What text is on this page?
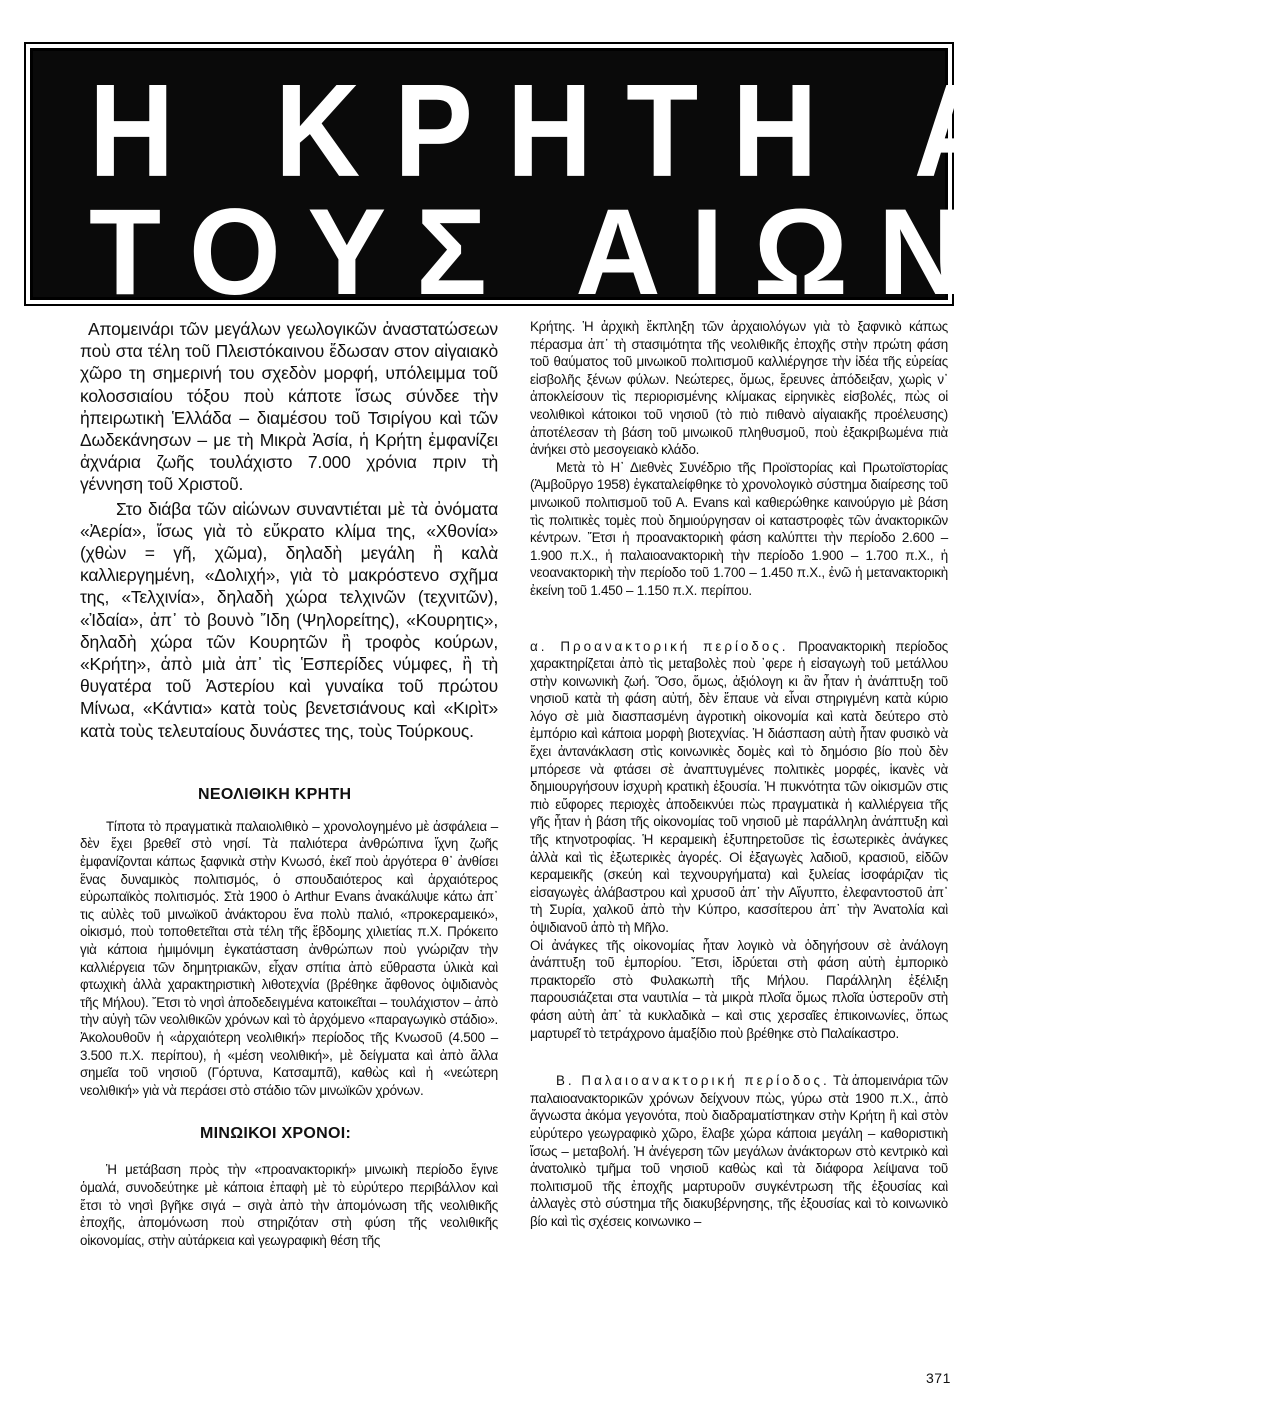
Η ΚΡΗΤΗ ΑΝΑ
ΤΟΥΣ ΑΙΩΝΕΣ

Απομεινάρι τῶν μεγάλων γεωλογικῶν ἀναστατώσεων ποὺ στα τέλη τοῦ Πλειστόκαινου ἔδωσαν στον αἰγαιακὸ χῶρο τη σημερινή του σχεδὸν μορφή, υπόλειμμα τοῦ κολοσσιαίου τόξου ποὺ κάποτε ἴσως σύνδεε τὴν ἠπειρωτικὴ Ἑλλάδα – διαμέσου τοῦ Τσιρίγου καὶ τῶν Δωδεκάνησων – με τὴ Μικρὰ Ἀσία, ἡ Κρήτη ἐμφανίζει ἀχνάρια ζωῆς τουλάχιστο 7.000 χρόνια πριν τὴ γέννηση τοῦ Χριστοῦ.

Στο διάβα τῶν αἰώνων συναντιέται μὲ τὰ ὀνόματα «Ἀερία», ἴσως γιὰ τὸ εὔκρατο κλίμα της, «Χθονία» (χθὼν = γῆ, χῶμα), δηλαδὴ μεγάλη ἢ καλὰ καλλιεργημένη, «Δολιχή», γιὰ τὸ μακρόστενο σχῆμα της, «Τελχινία», δηλαδὴ χώρα τελχινῶν (τεχνιτῶν), «Ἰδαία», ἀπ᾽ τὸ βουνὸ Ἴδη (Ψηλορείτης), «Κουρητις», δηλαδὴ χώρα τῶν Κουρητῶν ἢ τροφὸς κούρων, «Κρήτη», ἀπὸ μιὰ ἀπ᾽ τὶς Ἑσπερίδες νύμφες, ἢ τὴ θυγατέρα τοῦ Ἀστερίου καὶ γυναίκα τοῦ πρώτου Μίνωα, «Κάντια» κατὰ τοὺς βενετσιάνους καὶ «Κιρὶτ» κατὰ τοὺς τελευταίους δυνάστες της, τοὺς Τούρκους.

ΝΕΟΛΙΘΙΚΗ ΚΡΗΤΗ

Τίποτα τὸ πραγματικὰ παλαιολιθικὸ – χρονολογημένο μὲ ἀσφάλεια – δὲν ἔχει βρεθεῖ στὸ νησί. Τὰ παλιότερα ἀνθρώπινα ἴχνη ζωῆς ἐμφανίζονται κάπως ξαφνικὰ στὴν Κνωσό, ἐκεῖ ποὺ ἀργότερα θ᾽ ἀνθίσει ἕνας δυναμικὸς πολιτισμός, ὁ σπουδαιότερος καὶ ἀρχαιότερος εὐρωπαϊκὸς πολιτισμός. Στὰ 1900 ὁ Arthur Evans ἀνακάλυψε κάτω ἀπ᾽ τις αὐλὲς τοῦ μινωϊκοῦ ἀνάκτορου ἕνα πολὺ παλιό, «προκεραμεικό», οἰκισμό, ποὺ τοποθετεῖται στὰ τέλη τῆς ἕβδομης χιλιετίας π.Χ. Πρόκειτο γιὰ κάποια ἡμιμόνιμη ἐγκατάσταση ἀνθρώπων ποὺ γνώριζαν τὴν καλλιέργεια τῶν δημητριακῶν, εἶχαν σπίτια ἀπὸ εὔθραστα ὑλικὰ καὶ φτωχικὴ ἀλλὰ χαρακτηριστικὴ λιθοτεχνία (βρέθηκε ἄφθονος ὀψιδιανὸς τῆς Μήλου). Ἔτσι τὸ νησὶ ἀποδεδειγμένα κατοικεῖται – τουλάχιστον – ἀπὸ τὴν αὐγὴ τῶν νεολιθικῶν χρόνων καὶ τὸ ἀρχόμενο «παραγωγικὸ στάδιο». Ἀκολουθοῦν ἡ «ἀρχαιότερη νεολιθική» περίοδος τῆς Κνωσοῦ (4.500 – 3.500 π.Χ. περίπου), ἡ «μέση νεολιθική», μὲ δείγματα καὶ ἀπὸ ἄλλα σημεῖα τοῦ νησιοῦ (Γόρτυνα, Κατσαμπᾶ), καθὼς καὶ ἡ «νεώτερη νεολιθική» γιὰ νὰ περάσει στὸ στάδιο τῶν μινωϊκῶν χρόνων.

ΜΙΝΩΙΚΟΙ ΧΡΟΝΟΙ:

Ἡ μετάβαση πρὸς τὴν «προανακτορική» μινωικὴ περίοδο ἔγινε ὁμαλά, συνοδεύτηκε μὲ κάποια ἐπαφὴ μὲ τὸ εὐρύτερο περιβάλλον καὶ ἔτσι τὸ νησὶ βγῆκε σιγά – σιγὰ ἀπὸ τὴν ἀπομόνωση τῆς νεολιθικῆς ἐποχῆς, ἀπομόνωση ποὺ στηριζόταν στὴ φύση τῆς νεολιθικῆς οἰκονομίας, στὴν αὐτάρκεια καὶ γεωγραφικὴ θέση τῆς

Κρήτης. Ἡ ἀρχικὴ ἔκπληξη τῶν ἀρχαιολόγων γιὰ τὸ ξαφνικὸ κάπως πέρασμα ἀπ᾽ τὴ στασιμότητα τῆς νεολιθικῆς ἐποχῆς στὴν πρώτη φάση τοῦ θαύματος τοῦ μινωικοῦ πολιτισμοῦ καλλιέργησε τὴν ἰδέα τῆς εὐρείας εἰσβολῆς ξένων φύλων. Νεώτερες, ὅμως, ἔρευνες ἀπόδειξαν, χωρὶς ν᾽ ἀποκλείσουν τὶς περιορισμένης κλίμακας εἰρηνικὲς εἰσβολές, πὼς οἱ νεολιθικοὶ κάτοικοι τοῦ νησιοῦ (τὸ πιὸ πιθανὸ αἰγαιακῆς προέλευσης) ἀποτέλεσαν τὴ βάση τοῦ μινωικοῦ πληθυσμοῦ, ποὺ ἐξακριβωμένα πιὰ ἀνήκει στὸ μεσογειακὸ κλάδο.

Μετὰ τὸ Η᾽ Διεθνὲς Συνέδριο τῆς Προϊστορίας καὶ Πρωτοϊστορίας (Ἀμβοῦργο 1958) ἐγκαταλείφθηκε τὸ χρονολογικὸ σύστημα διαίρεσης τοῦ μινωικοῦ πολιτισμοῦ τοῦ Α. Evans καὶ καθιερώθηκε καινούργιο μὲ βάση τὶς πολιτικὲς τομὲς ποὺ δημιούργησαν οἱ καταστροφὲς τῶν ἀνακτορικῶν κέντρων. Ἔτσι ἡ προανακτορικὴ φάση καλύπτει τὴν περίοδο 2.600 – 1.900 π.Χ., ἡ παλαιοανακτορικὴ τὴν περίοδο 1.900 – 1.700 π.Χ., ἡ νεοανακτορικὴ τὴν περίοδο τοῦ 1.700 – 1.450 π.Χ., ἐνῶ ἡ μετανακτορικὴ ἐκείνη τοῦ 1.450 – 1.150 π.Χ. περίπου.

α. Προανακτορική περίοδος. Προανακτορικὴ περίοδος χαρακτηρίζεται ἀπὸ τὶς μεταβολὲς ποὺ ᾽φερε ἡ εἰσαγωγὴ τοῦ μετάλλου στὴν κοινωνικὴ ζωή. Ὅσο, ὅμως, ἀξιόλογη κι ἂν ἦταν ἡ ἀνάπτυξη τοῦ νησιοῦ κατὰ τὴ φάση αὐτή, δὲν ἔπαυε νὰ εἶναι στηριγμένη κατὰ κύριο λόγο σὲ μιὰ διασπασμένη ἀγροτικὴ οἰκονομία καὶ κατὰ δεύτερο στὸ ἐμπόριο καὶ κάποια μορφὴ βιοτεχνίας. Ἡ διάσπαση αὐτὴ ἦταν φυσικὸ νὰ ἔχει ἀντανάκλαση στὶς κοινωνικὲς δομὲς καὶ τὸ δημόσιο βίο ποὺ δὲν μπόρεσε νὰ φτάσει σὲ ἀναπτυγμένες πολιτικὲς μορφές, ἱκανὲς νὰ δημιουργήσουν ἰσχυρὴ κρατικὴ ἐξουσία. Ἡ πυκνότητα τῶν οἰκισμῶν στις πιὸ εὔφορες περιοχὲς ἀποδεικνύει πὼς πραγματικὰ ἡ καλλιέργεια τῆς γῆς ἦταν ἡ βάση τῆς οἰκονομίας τοῦ νησιοῦ μὲ παράλληλη ἀνάπτυξη καὶ τῆς κτηνοτροφίας. Ἡ κεραμεικὴ ἐξυπηρετοῦσε τὶς ἐσωτερικὲς ἀνάγκες ἀλλὰ καὶ τὶς ἐξωτερικὲς ἀγορές. Οἱ ἐξαγωγὲς λαδιοῦ, κρασιοῦ, εἰδῶν κεραμεικῆς (σκεύη καὶ τεχνουργήματα) καὶ ξυλείας ἰσοφάριζαν τὶς εἰσαγωγὲς ἀλάβαστρου καὶ χρυσοῦ ἀπ᾽ τὴν Αἴγυπτο, ἐλεφαντοστοῦ ἀπ᾽ τὴ Συρία, χαλκοῦ ἀπὸ τὴν Κύπρο, κασσίτερου ἀπ᾽ τὴν Ἀνατολία καὶ ὀψιδιανοῦ ἀπὸ τὴ Μῆλο.

Οἱ ἀνάγκες τῆς οἰκονομίας ἦταν λογικὸ νὰ ὁδηγήσουν σὲ ἀνάλογη ἀνάπτυξη τοῦ ἐμπορίου. Ἔτσι, ἱδρύεται στὴ φάση αὐτὴ ἐμπορικὸ πρακτορεῖο στὸ Φυλακωπὴ τῆς Μήλου. Παράλληλη ἐξέλιξη παρουσιάζεται στα ναυτιλία – τὰ μικρὰ πλοῖα ὅμως πλοῖα ὑστεροῦν στὴ φάση αὐτὴ ἀπ᾽ τὰ κυκλαδικὰ – καὶ στις χερσαῖες ἐπικοινωνίες, ὅπως μαρτυρεῖ τὸ τετράχρονο ἁμαξίδιο ποὺ βρέθηκε στὸ Παλαίκαστρο.

Β. Παλαιοανακτορική περίοδος. Τὰ ἀπομεινάρια τῶν παλαιοανακτορικῶν χρόνων δείχνουν πὼς, γύρω στὰ 1900 π.Χ., ἀπὸ ἄγνωστα ἀκόμα γεγονότα, ποὺ διαδραματίστηκαν στὴν Κρήτη ἢ καὶ στὸν εὐρύτερο γεωγραφικὸ χῶρο, ἔλαβε χώρα κάποια μεγάλη – καθοριστικὴ ἴσως – μεταβολή. Ἡ ἀνέγερση τῶν μεγάλων ἀνάκτορων στὸ κεντρικὸ καὶ ἀνατολικὸ τμῆμα τοῦ νησιοῦ καθὼς καὶ τὰ διάφορα λείψανα τοῦ πολιτισμοῦ τῆς ἐποχῆς μαρτυροῦν συγκέντρωση τῆς ἐξουσίας καὶ ἀλλαγὲς στὸ σύστημα τῆς διακυβέρνησης, τῆς ἐξουσίας καὶ τὸ κοινωνικὸ βίο καὶ τὶς σχέσεις κοινωνικο –

371
